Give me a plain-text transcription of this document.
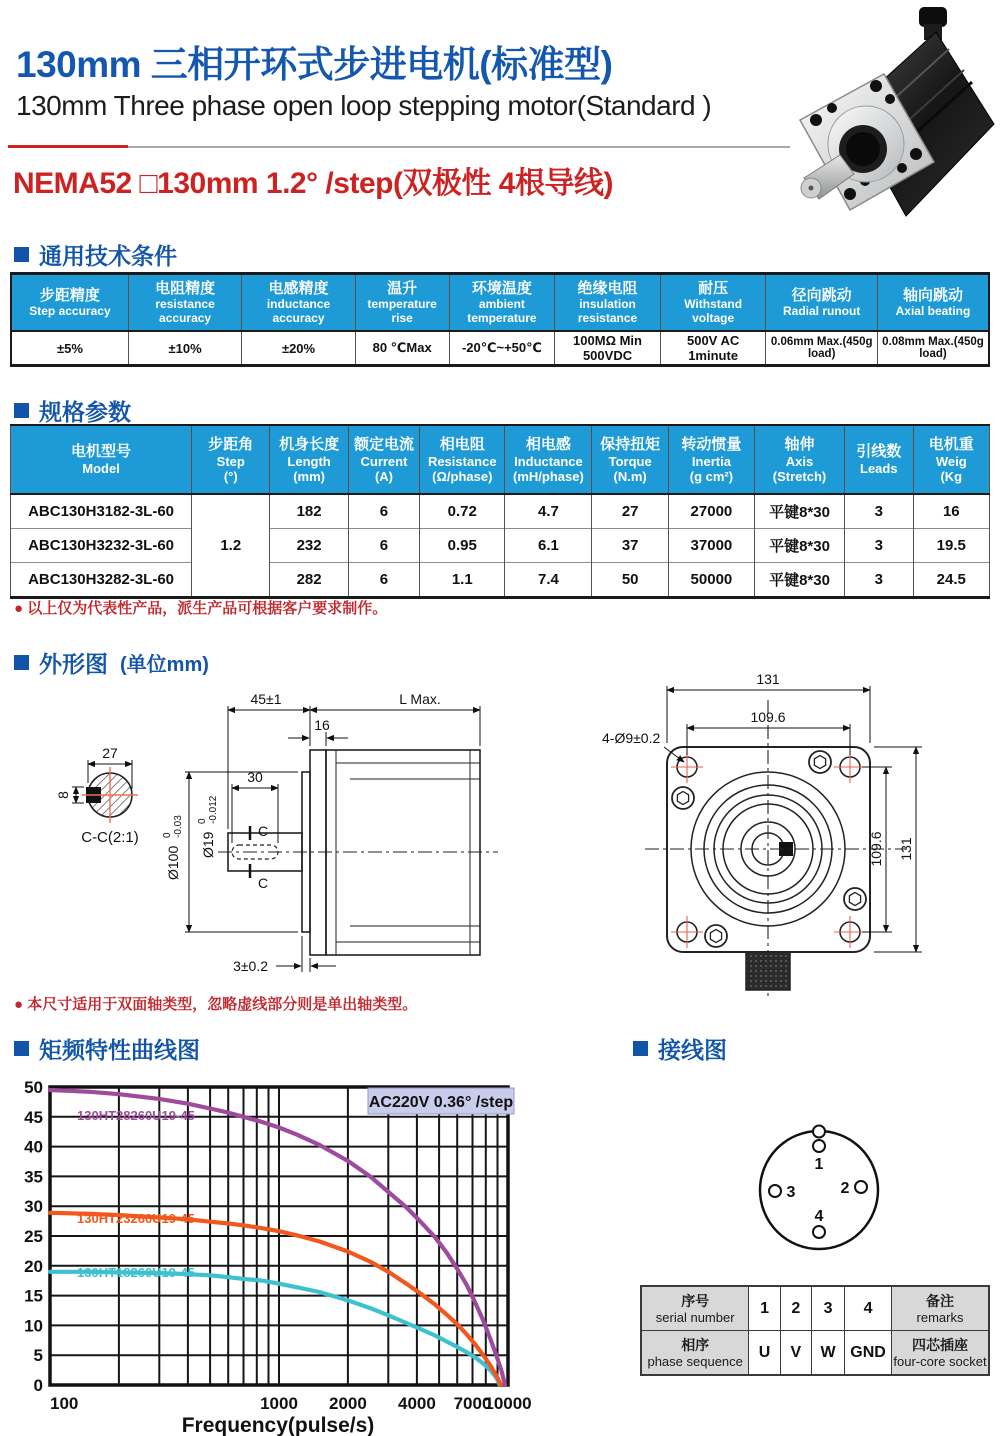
130mm 三相开环式步进电机(标准型)
130mm Three phase open loop stepping motor(Standard )
NEMA52 □130mm 1.2° /step(双极性 4根导线)
通用技术条件
步距精度
Step accuracy

电阻精度
resistance accuracy

电感精度
inductance accuracy

温升
temperature rise

环境温度
ambient temperature

绝缘电阻
insulation resistance

耐压
Withstand voltage

径向跳动
Radial runout

轴向跳动
Axial beating

±5%	±10%	±20%	80 ℃Max	-20℃~+50℃	100MΩ Min 500VDC	500V AC 1minute	0.06mm Max.(450g load)	0.08mm Max.(450g load)
规格参数
电机型号
Model

步距角
Step
(°)

机身长度
Length
(mm)

额定电流
Current
(A)

相电阻
Resistance
(Ω/phase)

相电感
Inductance
(mH/phase)

保持扭矩
Torque
(N.m)

转动惯量
Inertia
(g cm²)

轴伸
Axis
(Stretch)

引线数
Leads

电机重
Weig
(Kg

ABC130H3182-3L-60	1.2	182	6	0.72	4.7	27	27000	平键8*30	3	16
ABC130H3232-3L-60		232	6	0.95	6.1	37	37000	平键8*30	3	19.5
ABC130H3282-3L-60		282	6	1.1	7.4	50	50000	平键8*30	3	24.5
● 以上仅为代表性产品，派生产品可根据客户要求制作。
外形图 (单位mm)
27
8
C-C(2:1)
45±1	L Max.
16
30
Ø19
0 -0.012
Ø100
0 -0.03	C
C
3±0.2
131
109.6
109.6 131
4-Ø9±0.2
● 本尺寸适用于双面轴类型，忽略虚线部分则是单出轴类型。
矩频特性曲线图
130HT18260U19-45
130HT23260U19-45
130HT28260U19-45
AC220V 0.36° /step
0
5
10
15
20
25
30
35
40
45
50
100	1000 2000 4000 7000
10000
Frequency(pulse/s)
接线图
1
2
3
4
序号
serial number
	1	2	3	4	备注
remarks

相序
phase sequence
	U	V	W	GND	四芯插座
four-core socket
